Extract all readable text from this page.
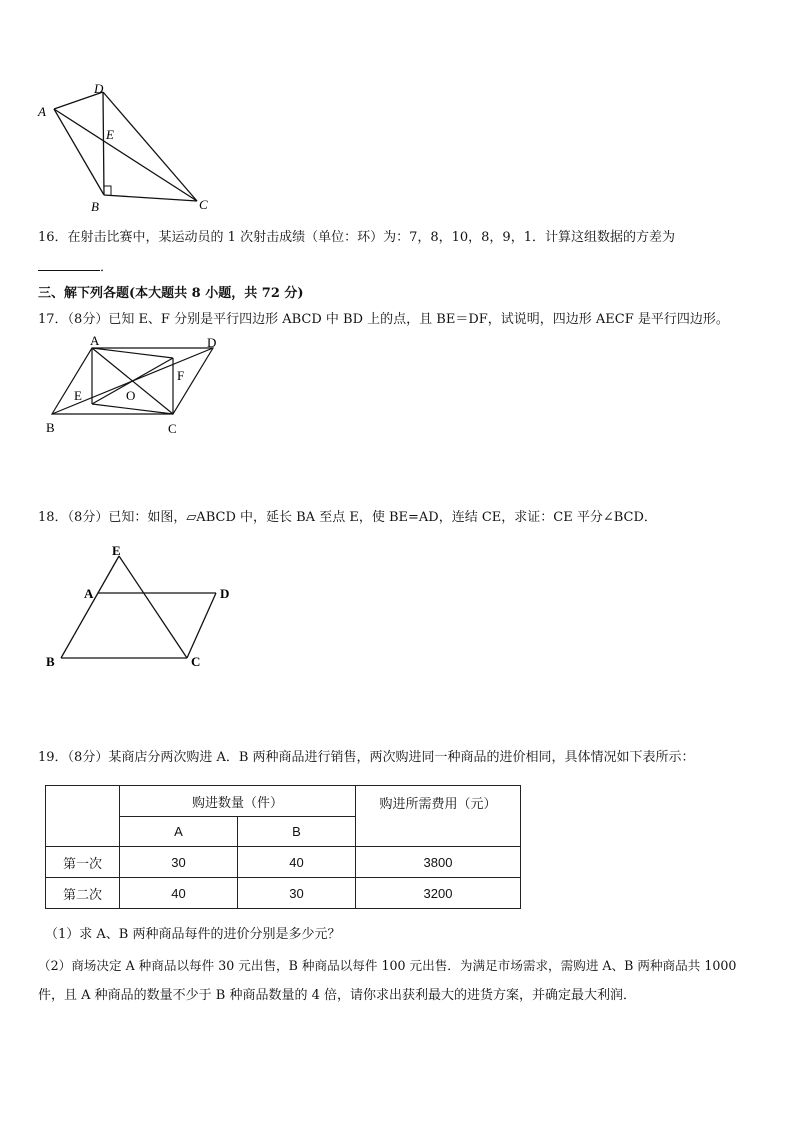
A
D
E
B	C
16．在射击比赛中，某运动员的 1 次射击成绩（单位：环）为：7，8，10，8，9，1．计算这组数据的方差为
．
三、解下列各题(本大题共 8 小题，共 72 分)
17．（8分）已知 E、F 分别是平行四边形 ABCD 中 BD 上的点，且 BE＝DF，试说明，四边形 AECF 是平行四边形。
A	D
F
E	O
B	C
18．（8分）已知：如图，▱ABCD 中，延长 BA 至点 E，使 BE=AD，连结 CE，求证：CE 平分∠BCD．
E
A	D
B	C
19．（8分）某商店分两次购进 A．B 两种商品进行销售，两次购进同一种商品的进价相同，具体情况如下表所示：
	购进数量（件）		购进所需费用（元）
	A	B	
第一次	30	40	3800
第二次	40	30	3200
（1）求 A、B 两种商品每件的进价分别是多少元？
（2）商场决定 A 种商品以每件 30 元出售，B 种商品以每件 100 元出售．为满足市场需求，需购进 A、B 两种商品共 1000
件，且 A 种商品的数量不少于 B 种商品数量的 4 倍，请你求出获利最大的进货方案，并确定最大利润．
